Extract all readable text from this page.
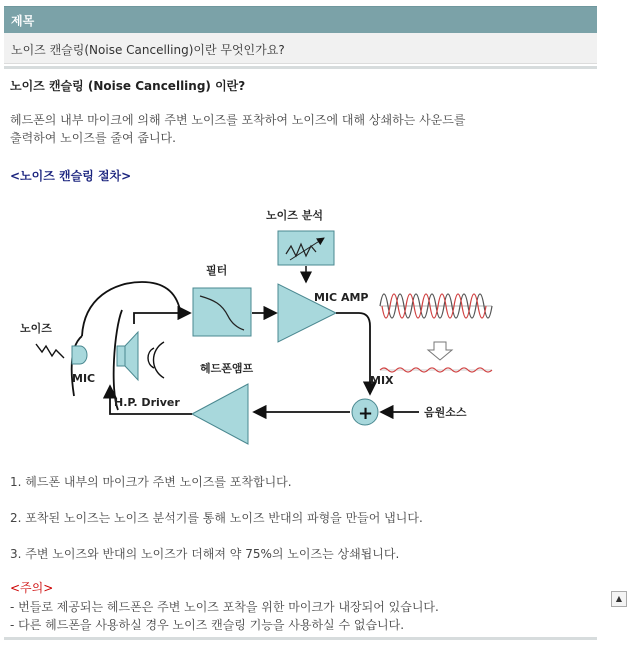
제목
노이즈 캔슬링(Noise Cancelling)이란 무엇인가요?
노이즈 캔슬링 (Noise Cancelling) 이란?
헤드폰의 내부 마이크에 의해 주변 노이즈를 포착하여 노이즈에 대해 상쇄하는 사운드를
출력하여 노이즈를 줄여 줍니다.
<노이즈 캔슬링 절차>
노이즈 분석
필터
MIC AMP
노이즈
MIC
H.P. Driver
헤드폰앰프
MIX
+	음원소스
1. 헤드폰 내부의 마이크가 주변 노이즈를 포착합니다.
2. 포착된 노이즈는 노이즈 분석기를 통해 노이즈 반대의 파형을 만들어 냅니다.
3. 주변 노이즈와 반대의 노이즈가 더해져 약 75%의 노이즈는 상쇄됩니다.
<주의>
- 번들로 제공되는 헤드폰은 주변 노이즈 포착을 위한 마이크가 내장되어 있습니다.
- 다른 헤드폰을 사용하실 경우 노이즈 캔슬링 기능을 사용하실 수 없습니다.
▲
